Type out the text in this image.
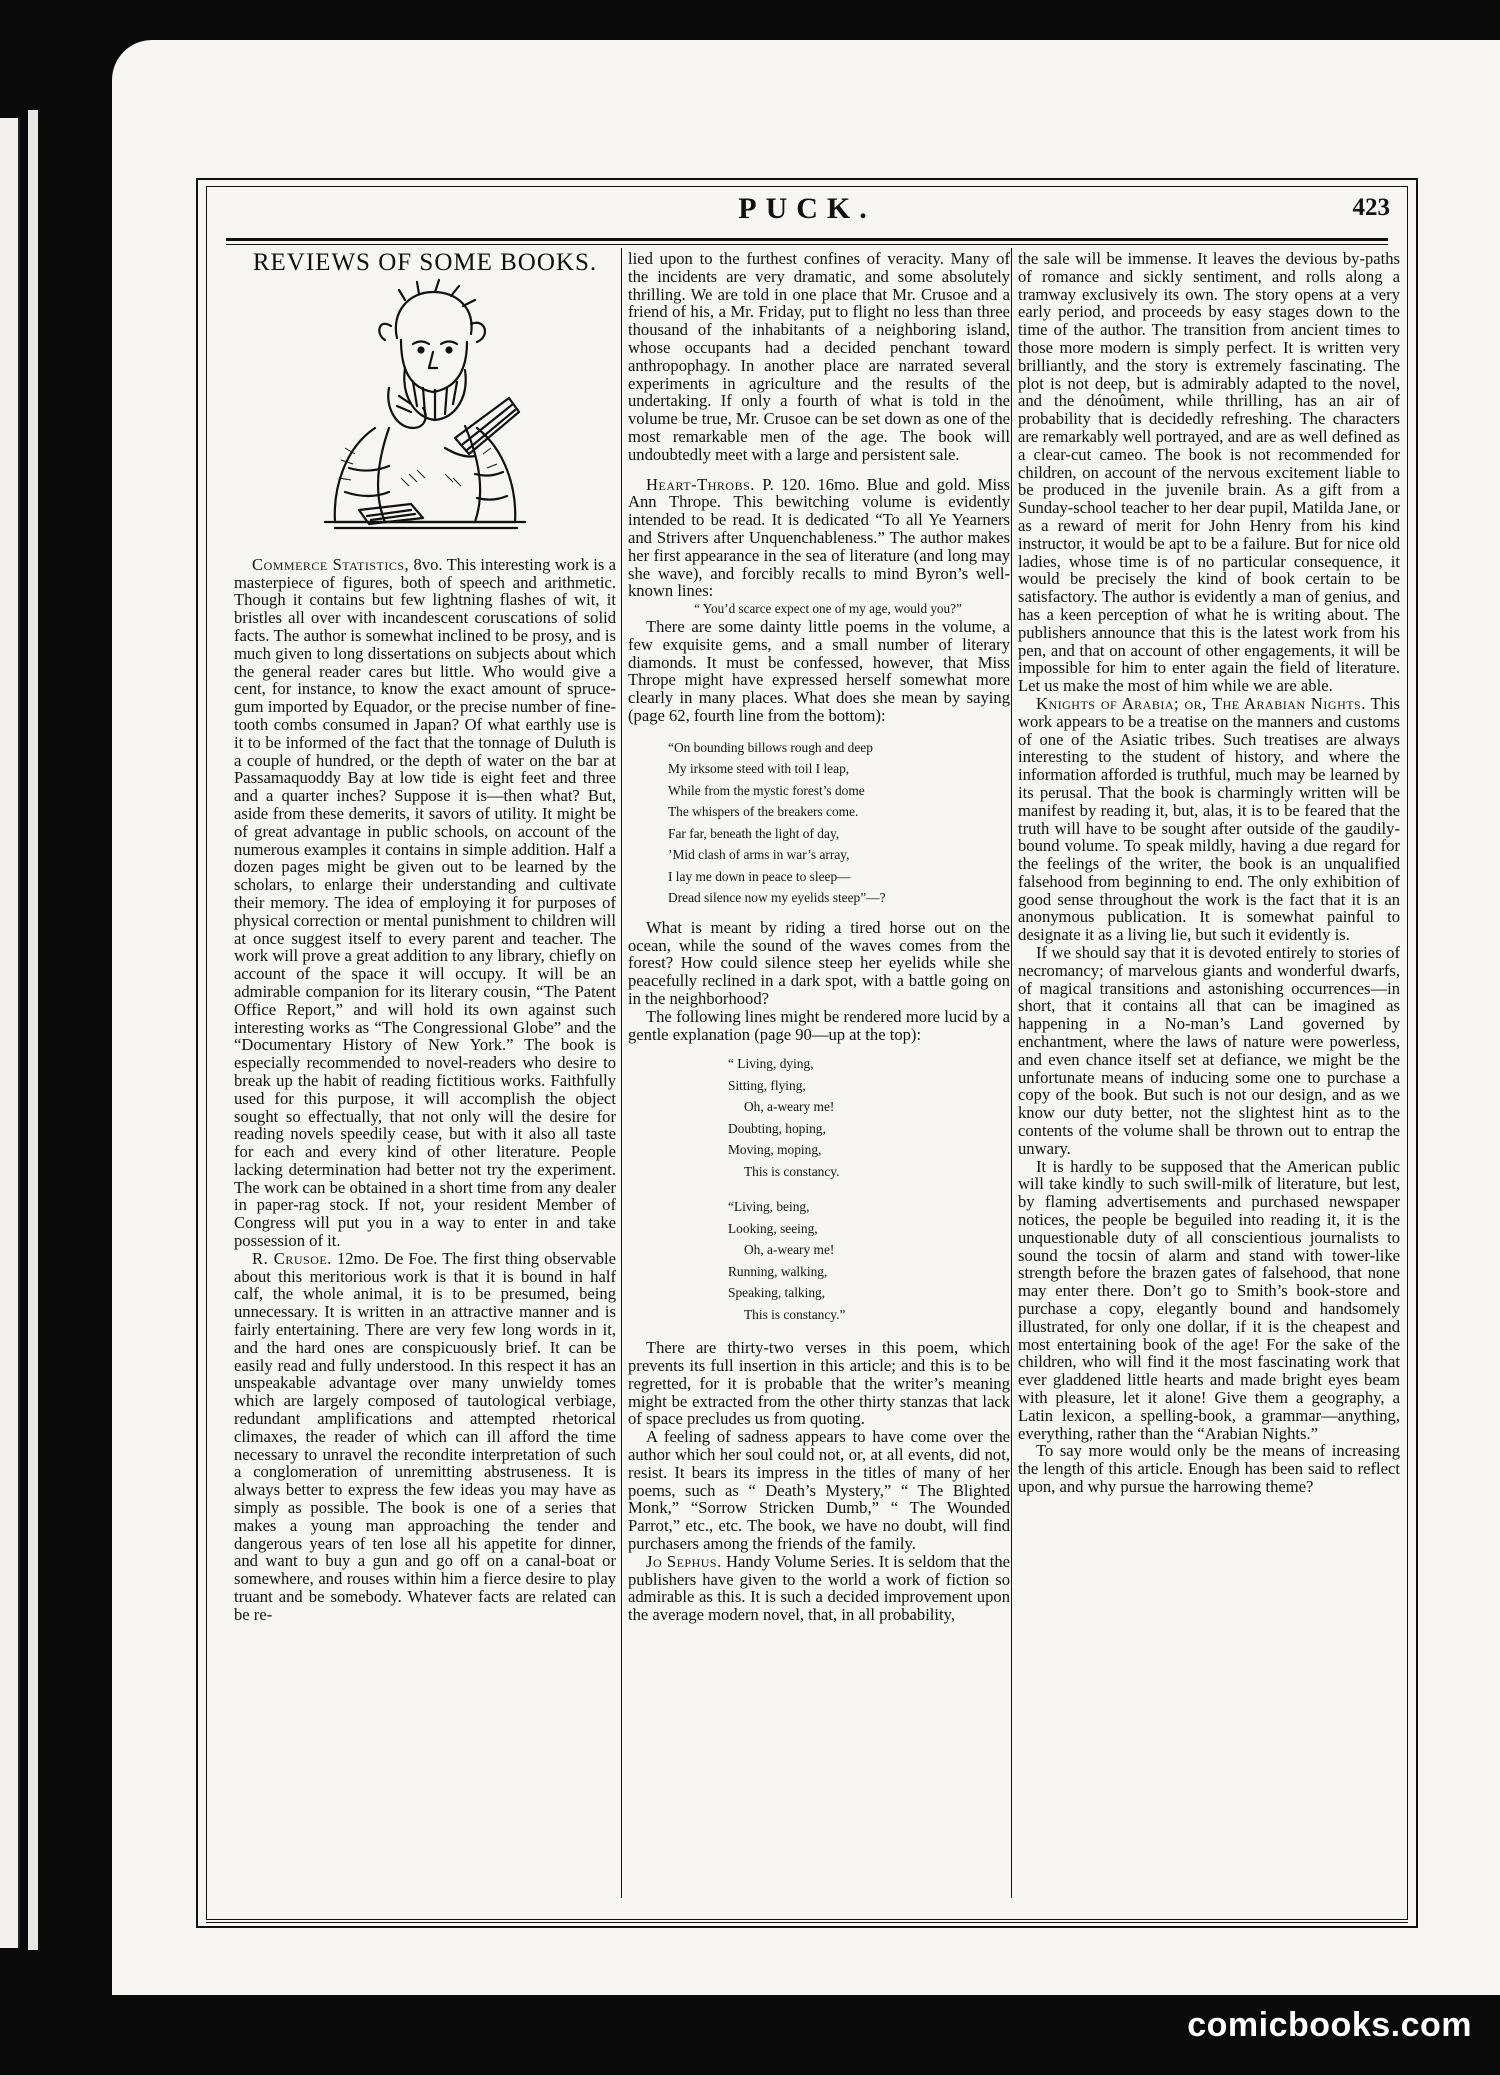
PUCK.	423
REVIEWS OF SOME BOOKS.

Commerce Statistics, 8vo. This interesting work is a masterpiece of figures, both of speech and arithmetic. Though it contains but few lightning flashes of wit, it bristles all over with incandescent coruscations of solid facts. The author is somewhat inclined to be prosy, and is much given to long dissertations on subjects about which the general reader cares but little. Who would give a cent, for instance, to know the exact amount of spruce-gum imported by Equador, or the precise number of fine-tooth combs consumed in Japan? Of what earthly use is it to be informed of the fact that the tonnage of Duluth is a couple of hundred, or the depth of water on the bar at Passamaquoddy Bay at low tide is eight feet and three and a quarter inches? Suppose it is—then what? But, aside from these demerits, it savors of utility. It might be of great advantage in public schools, on account of the numerous examples it contains in simple addition. Half a dozen pages might be given out to be learned by the scholars, to enlarge their understanding and cultivate their memory. The idea of employing it for purposes of physical correction or mental punishment to children will at once suggest itself to every parent and teacher. The work will prove a great addition to any library, chiefly on account of the space it will occupy. It will be an admirable companion for its literary cousin, “The Patent Office Report,” and will hold its own against such interesting works as “The Congressional Globe” and the “Documentary History of New York.” The book is especially recommended to novel-readers who desire to break up the habit of reading fictitious works. Faithfully used for this purpose, it will accomplish the object sought so effectually, that not only will the desire for reading novels speedily cease, but with it also all taste for each and every kind of other literature. People lacking determination had better not try the experiment. The work can be obtained in a short time from any dealer in paper-rag stock. If not, your resident Member of Congress will put you in a way to enter in and take possession of it.

R. Crusoe. 12mo. De Foe. The first thing observable about this meritorious work is that it is bound in half calf, the whole animal, it is to be presumed, being unnecessary. It is written in an attractive manner and is fairly entertaining. There are very few long words in it, and the hard ones are conspicuously brief. It can be easily read and fully understood. In this respect it has an unspeakable advantage over many unwieldy tomes which are largely composed of tautological verbiage, redundant amplifications and attempted rhetorical climaxes, the reader of which can ill afford the time necessary to unravel the recondite interpretation of such a conglomeration of unremitting abstruseness. It is always better to express the few ideas you may have as simply as possible. The book is one of a series that makes a young man approaching the tender and dangerous years of ten lose all his appetite for dinner, and want to buy a gun and go off on a canal-boat or somewhere, and rouses within him a fierce desire to play truant and be somebody. Whatever facts are related can be re-

lied upon to the furthest confines of veracity. Many of the incidents are very dramatic, and some absolutely thrilling. We are told in one place that Mr. Crusoe and a friend of his, a Mr. Friday, put to flight no less than three thousand of the inhabitants of a neighboring island, whose occupants had a decided penchant toward anthropophagy. In another place are narrated several experiments in agriculture and the results of the undertaking. If only a fourth of what is told in the volume be true, Mr. Crusoe can be set down as one of the most remarkable men of the age. The book will undoubtedly meet with a large and persistent sale.

Heart-Throbs. P. 120. 16mo. Blue and gold. Miss Ann Thrope. This bewitching volume is evidently intended to be read. It is dedicated “To all Ye Yearners and Strivers after Unquenchableness.” The author makes her first appearance in the sea of literature (and long may she wave), and forcibly recalls to mind Byron’s well-known lines:

“ You’d scarce expect one of my age, would you?”

There are some dainty little poems in the volume, a few exquisite gems, and a small number of literary diamonds. It must be confessed, however, that Miss Thrope might have expressed herself somewhat more clearly in many places. What does she mean by saying (page 62, fourth line from the bottom):

“On bounding billows rough and deep
My irksome steed with toil I leap,
While from the mystic forest’s dome
The whispers of the breakers come.
Far far, beneath the light of day,
’Mid clash of arms in war’s array,
I lay me down in peace to sleep—
Dread silence now my eyelids steep”—?

What is meant by riding a tired horse out on the ocean, while the sound of the waves comes from the forest? How could silence steep her eyelids while she peacefully reclined in a dark spot, with a battle going on in the neighborhood?

The following lines might be rendered more lucid by a gentle explanation (page 90—up at the top):

“ Living, dying,
Sitting, flying,
Oh, a-weary me!
Doubting, hoping,
Moving, moping,
This is constancy.
“Living, being,
Looking, seeing,
Oh, a-weary me!
Running, walking,
Speaking, talking,
This is constancy.”

There are thirty-two verses in this poem, which prevents its full insertion in this article; and this is to be regretted, for it is probable that the writer’s meaning might be extracted from the other thirty stanzas that lack of space precludes us from quoting.

A feeling of sadness appears to have come over the author which her soul could not, or, at all events, did not, resist. It bears its impress in the titles of many of her poems, such as “ Death’s Mystery,” “ The Blighted Monk,” “Sorrow Stricken Dumb,” “ The Wounded Parrot,” etc., etc. The book, we have no doubt, will find purchasers among the friends of the family.

Jo Sephus. Handy Volume Series. It is seldom that the publishers have given to the world a work of fiction so admirable as this. It is such a decided improvement upon the average modern novel, that, in all probability,

the sale will be immense. It leaves the devious by-paths of romance and sickly sentiment, and rolls along a tramway exclusively its own. The story opens at a very early period, and proceeds by easy stages down to the time of the author. The transition from ancient times to those more modern is simply perfect. It is written very brilliantly, and the story is extremely fascinating. The plot is not deep, but is admirably adapted to the novel, and the dénoûment, while thrilling, has an air of probability that is decidedly refreshing. The characters are remarkably well portrayed, and are as well defined as a clear-cut cameo. The book is not recommended for children, on account of the nervous excitement liable to be produced in the juvenile brain. As a gift from a Sunday-school teacher to her dear pupil, Matilda Jane, or as a reward of merit for John Henry from his kind instructor, it would be apt to be a failure. But for nice old ladies, whose time is of no particular consequence, it would be precisely the kind of book certain to be satisfactory. The author is evidently a man of genius, and has a keen perception of what he is writing about. The publishers announce that this is the latest work from his pen, and that on account of other engagements, it will be impossible for him to enter again the field of literature. Let us make the most of him while we are able.

Knights of Arabia; or, The Arabian Nights. This work appears to be a treatise on the manners and customs of one of the Asiatic tribes. Such treatises are always interesting to the student of history, and where the information afforded is truthful, much may be learned by its perusal. That the book is charmingly written will be manifest by reading it, but, alas, it is to be feared that the truth will have to be sought after outside of the gaudily-bound volume. To speak mildly, having a due regard for the feelings of the writer, the book is an unqualified falsehood from beginning to end. The only exhibition of good sense throughout the work is the fact that it is an anonymous publication. It is somewhat painful to designate it as a living lie, but such it evidently is.

If we should say that it is devoted entirely to stories of necromancy; of marvelous giants and wonderful dwarfs, of magical transitions and astonishing occurrences—in short, that it contains all that can be imagined as happening in a No-man’s Land governed by enchantment, where the laws of nature were powerless, and even chance itself set at defiance, we might be the unfortunate means of inducing some one to purchase a copy of the book. But such is not our design, and as we know our duty better, not the slightest hint as to the contents of the volume shall be thrown out to entrap the unwary.

It is hardly to be supposed that the American public will take kindly to such swill-milk of literature, but lest, by flaming advertisements and purchased newspaper notices, the people be beguiled into reading it, it is the unquestionable duty of all conscientious journalists to sound the tocsin of alarm and stand with tower-like strength before the brazen gates of falsehood, that none may enter there. Don’t go to Smith’s book-store and purchase a copy, elegantly bound and handsomely illustrated, for only one dollar, if it is the cheapest and most entertaining book of the age! For the sake of the children, who will find it the most fascinating work that ever gladdened little hearts and made bright eyes beam with pleasure, let it alone! Give them a geography, a Latin lexicon, a spelling-book, a grammar—anything, everything, rather than the “Arabian Nights.”

To say more would only be the means of increasing the length of this article. Enough has been said to reflect upon, and why pursue the harrowing theme?

comicbooks.com
